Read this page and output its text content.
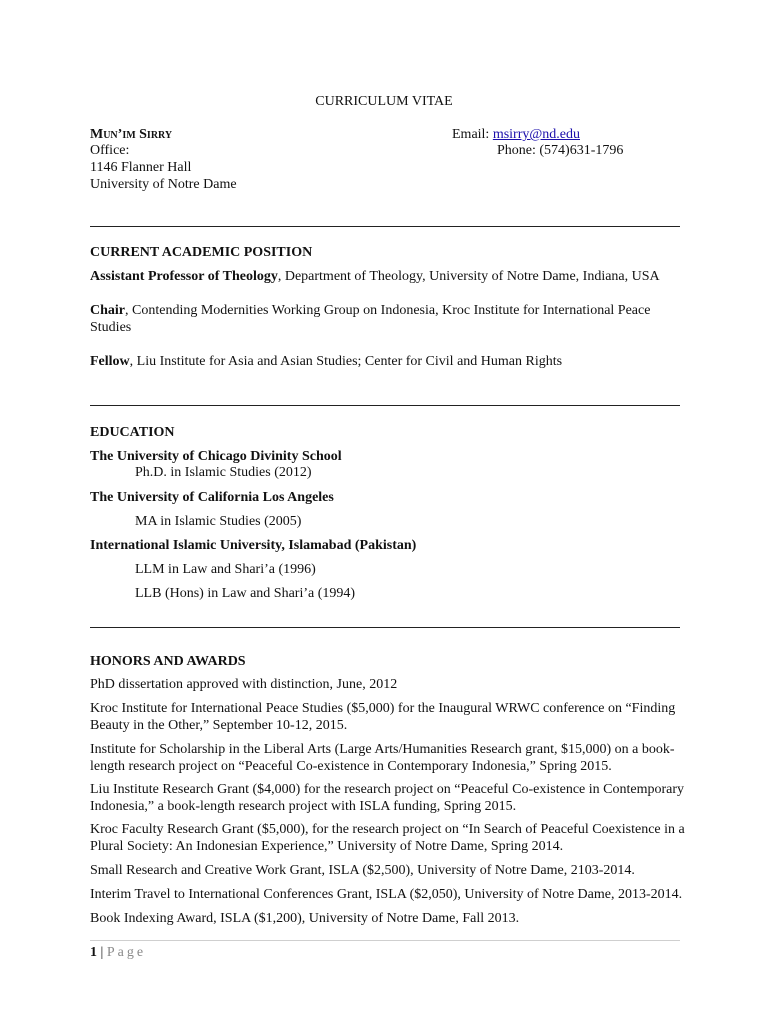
CURRICULUM VITAE
Mun’im Sirry	Email: msirry@nd.edu
Office:	Phone: (574)631-1796
1146 Flanner Hall
University of Notre Dame
CURRENT ACADEMIC POSITION
Assistant Professor of Theology, Department of Theology, University of Notre Dame, Indiana, USA
Chair, Contending Modernities Working Group on Indonesia, Kroc Institute for International Peace Studies
Fellow, Liu Institute for Asia and Asian Studies; Center for Civil and Human Rights
EDUCATION
The University of Chicago Divinity School
Ph.D. in Islamic Studies (2012)
The University of California Los Angeles
MA in Islamic Studies (2005)
International Islamic University, Islamabad (Pakistan)
LLM in Law and Shari’a (1996)
LLB (Hons) in Law and Shari’a (1994)
HONORS AND AWARDS
PhD dissertation approved with distinction, June, 2012
Kroc Institute for International Peace Studies ($5,000) for the Inaugural WRWC conference on “Finding Beauty in the Other,” September 10-12, 2015.
Institute for Scholarship in the Liberal Arts (Large Arts/Humanities Research grant, $15,000) on a book-length research project on “Peaceful Co-existence in Contemporary Indonesia,” Spring 2015.
Liu Institute Research Grant ($4,000) for the research project on “Peaceful Co-existence in Contemporary Indonesia,” a book-length research project with ISLA funding, Spring 2015.
Kroc Faculty Research Grant ($5,000), for the research project on “In Search of Peaceful Coexistence in a Plural Society: An Indonesian Experience,” University of Notre Dame, Spring 2014.
Small Research and Creative Work Grant, ISLA ($2,500), University of Notre Dame, 2103-2014.
Interim Travel to International Conferences Grant, ISLA ($2,050), University of Notre Dame, 2013-2014.
Book Indexing Award, ISLA ($1,200), University of Notre Dame, Fall 2013.
1 | Page
